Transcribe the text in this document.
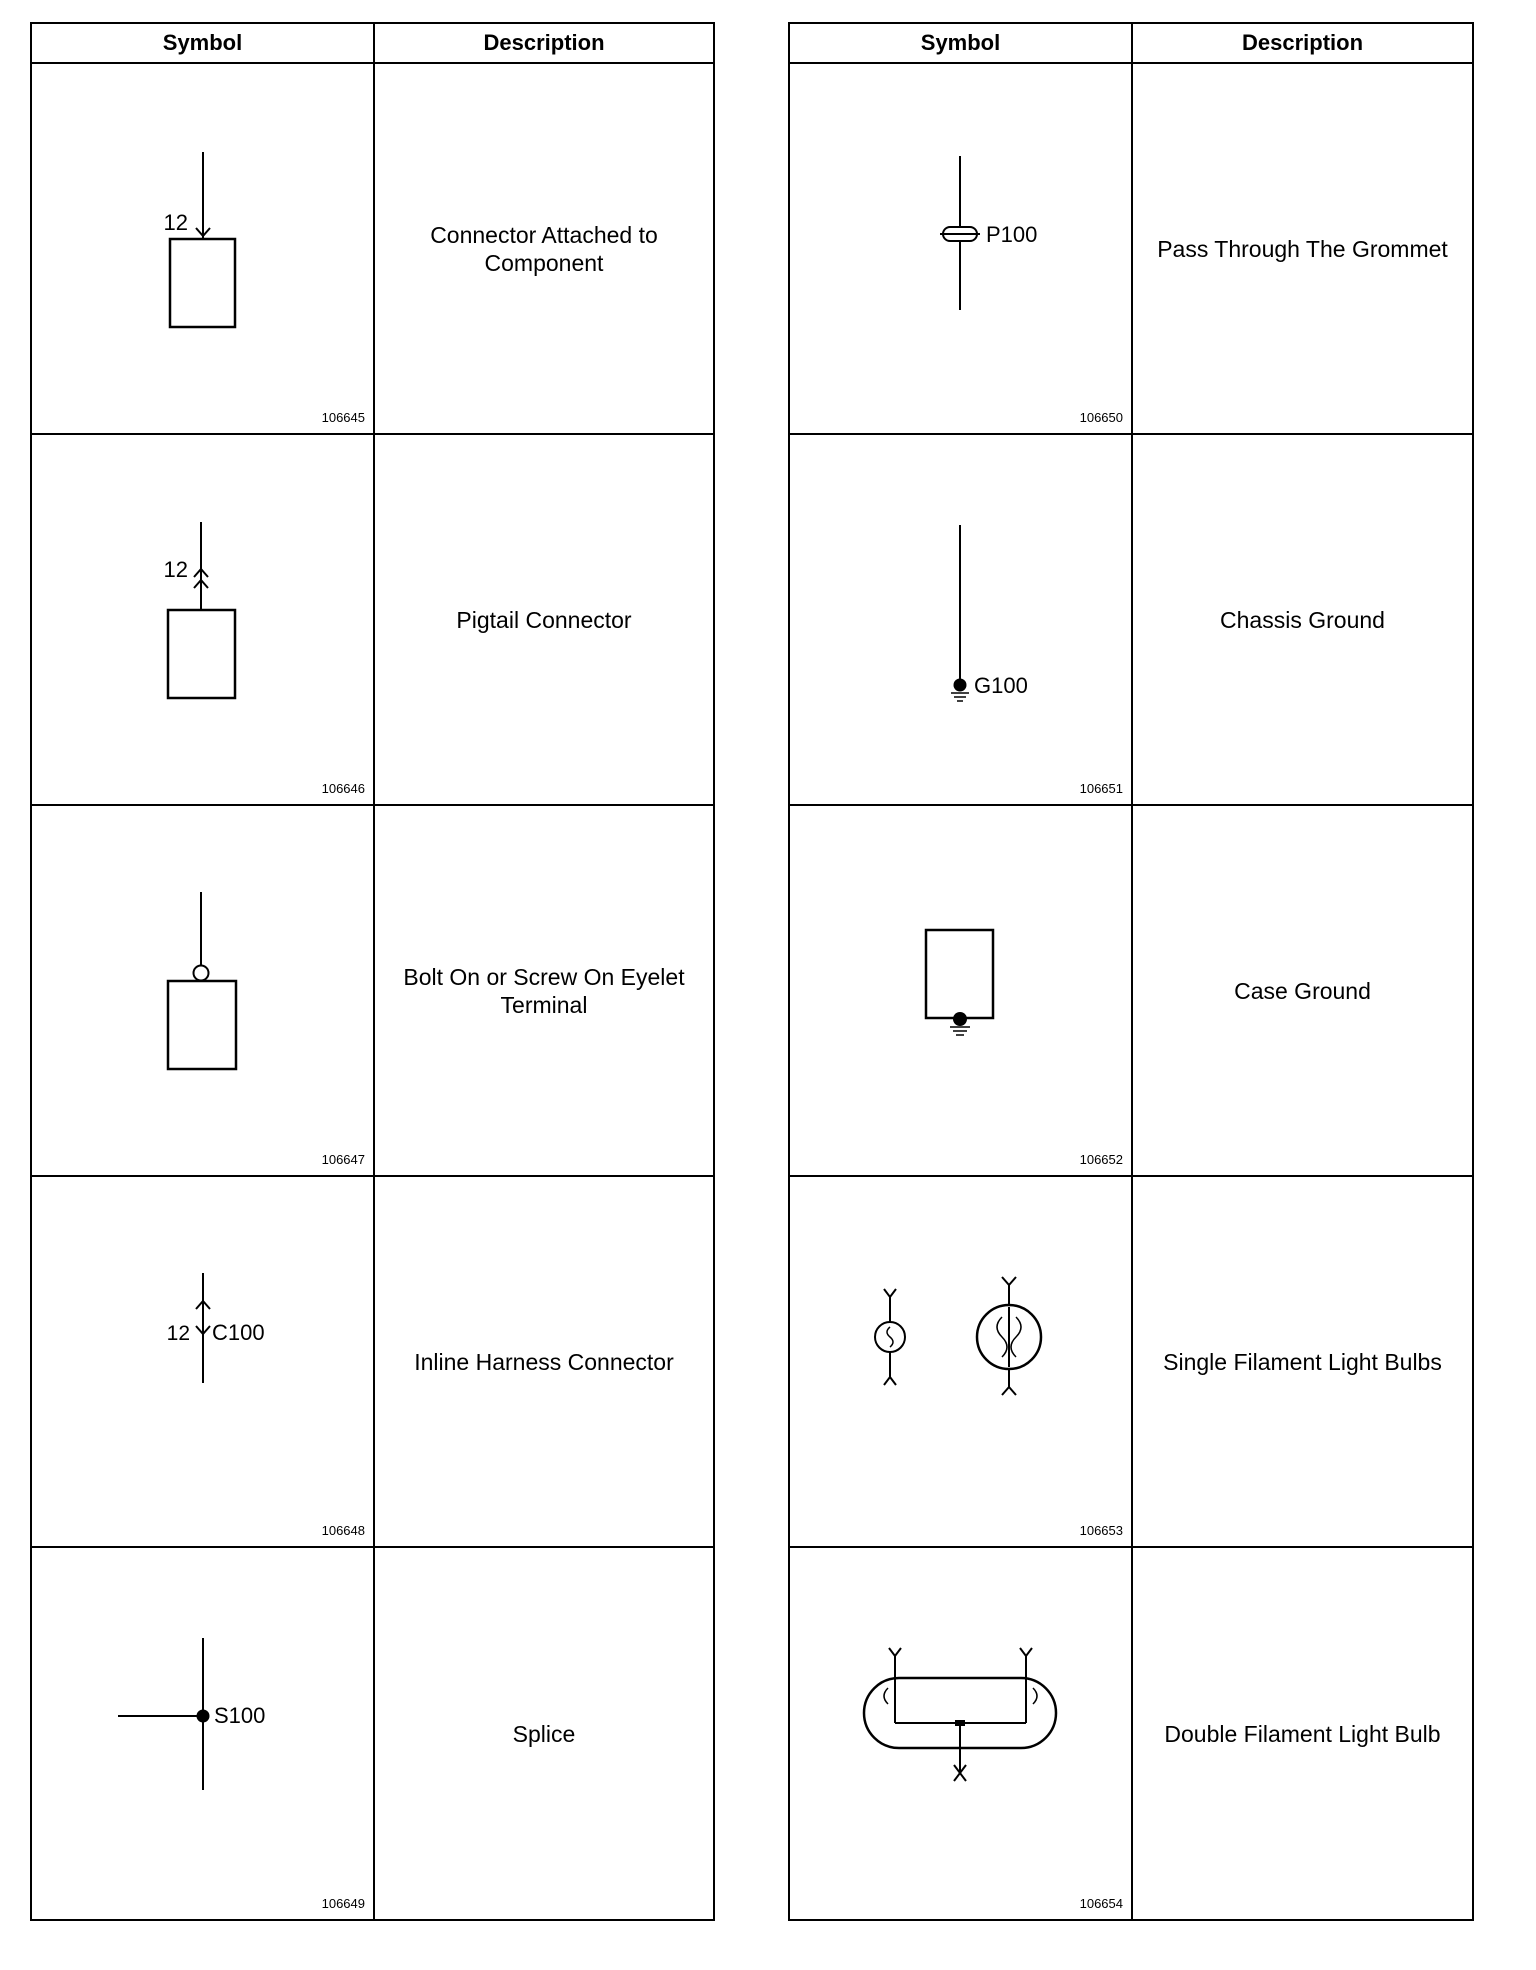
Symbol	Description
12
106645
Connector Attached to Component
12
106646
Pigtail Connector
106647
Bolt On or Screw On Eyelet Terminal
12 C100
106648
Inline Harness Connector
S100
106649
Splice
Symbol	Description
P100
106650
Pass Through The Grommet
G100
106651
Chassis Ground
106652
Case Ground
106653
Single Filament Light Bulbs
106654
Double Filament Light Bulb
